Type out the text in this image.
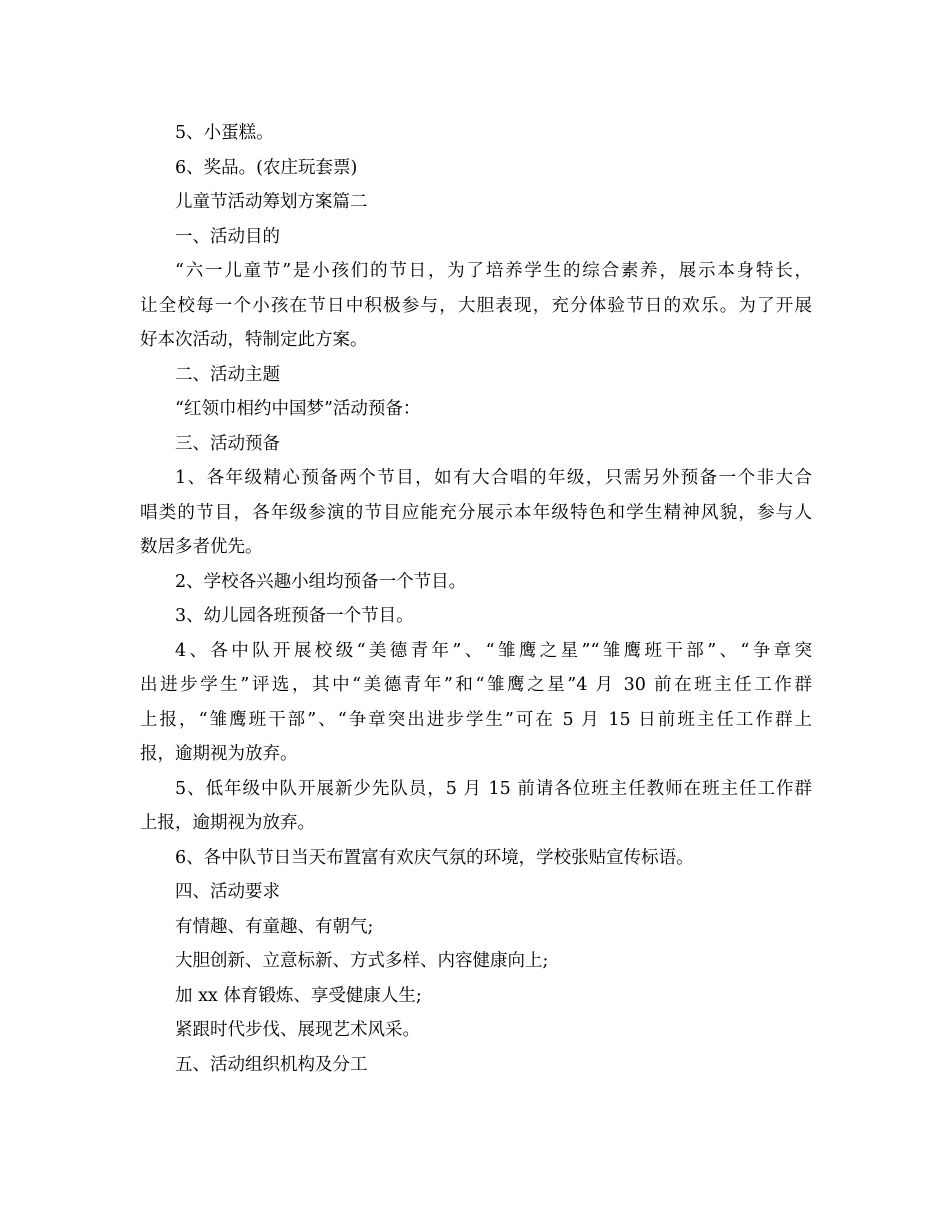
5、小蛋糕。
6、奖品。(农庄玩套票)
儿童节活动筹划方案篇二
一、活动目的
“六一儿童节”是小孩们的节日，为了培养学生的综合素养，展示本身特长，
让全校每一个小孩在节日中积极参与，大胆表现，充分体验节日的欢乐。为了开展
好本次活动，特制定此方案。
二、活动主题
“红领巾相约中国梦”活动预备：
三、活动预备
1、各年级精心预备两个节目，如有大合唱的年级，只需另外预备一个非大合
唱类的节目，各年级参演的节目应能充分展示本年级特色和学生精神风貌，参与人
数居多者优先。
2、学校各兴趣小组均预备一个节目。
3、幼儿园各班预备一个节目。
4、各中队开展校级“美德青年”、“雏鹰之星”“雏鹰班干部”、“争章突
出进步学生”评选，其中“美德青年”和“雏鹰之星”4 月 30 前在班主任工作群
上报，“雏鹰班干部”、“争章突出进步学生”可在 5 月 15 日前班主任工作群上
报，逾期视为放弃。
5、低年级中队开展新少先队员，5 月 15 前请各位班主任教师在班主任工作群
上报，逾期视为放弃。
6、各中队节日当天布置富有欢庆气氛的环境，学校张贴宣传标语。
四、活动要求
有情趣、有童趣、有朝气;
大胆创新、立意标新、方式多样、内容健康向上;
加 xx 体育锻炼、享受健康人生;
紧跟时代步伐、展现艺术风采。
五、活动组织机构及分工
